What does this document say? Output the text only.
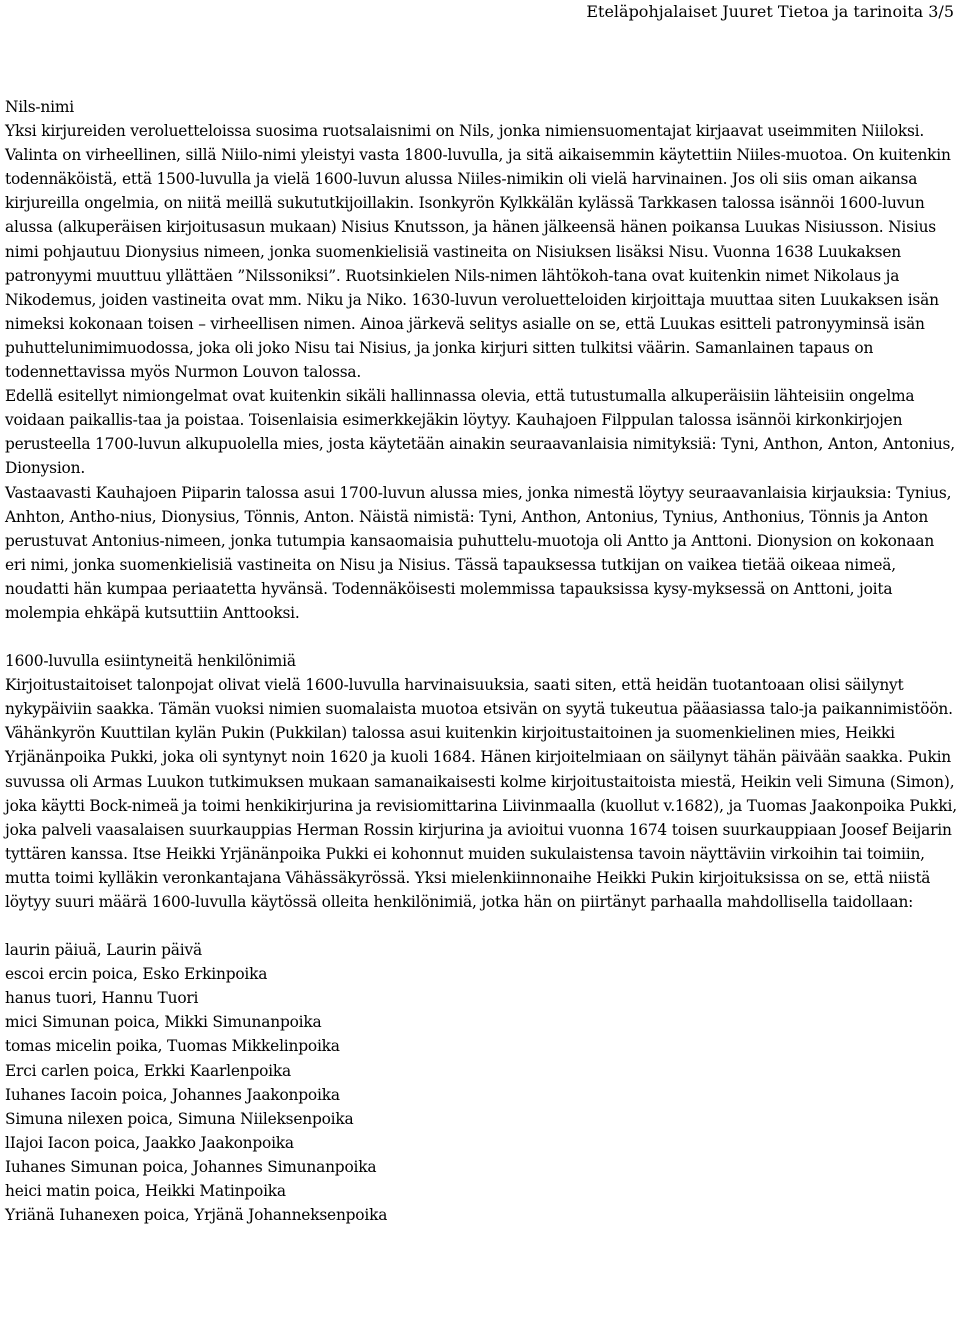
Eteläpohjalaiset Juuret Tietoa ja tarinoita 3/5

Nils-nimi

Yksi kirjureiden veroluetteloissa suosima ruotsalaisnimi on Nils, jonka nimiensuomentajat kirjaavat useimmiten Niiloksi. Valinta on virheellinen, sillä Niilo-nimi yleistyi vasta 1800-luvulla, ja sitä aikaisemmin käytettiin Niiles-muotoa. On kuitenkin todennäköistä, että 1500-luvulla ja vielä 1600-luvun alussa Niiles-nimikin oli vielä harvinainen. Jos oli siis oman aikansa kirjureilla ongelmia, on niitä meillä sukututkijoillakin. Isonkyrön Kylkkälän kylässä Tarkkasen talossa isännöi 1600-luvun alussa (alkuperäisen kirjoitusasun mukaan) Nisius Knutsson, ja hänen jälkeensä hänen poikansa Luukas Nisiusson. Nisius nimi pohjautuu Dionysius nimeen, jonka suomenkielisiä vastineita on Nisiuksen lisäksi Nisu. Vuonna 1638 Luukaksen patronyymi muuttuu yllättäen ”Nilssoniksi”. Ruotsinkielen Nils-nimen lähtökoh-tana ovat kuitenkin nimet Nikolaus ja Nikodemus, joiden vastineita ovat mm. Niku ja Niko. 1630-luvun veroluetteloiden kirjoittaja muuttaa siten Luukaksen isän nimeksi kokonaan toisen – virheellisen nimen. Ainoa järkevä selitys asialle on se, että Luukas esitteli patronyyminsä isän puhuttelunimimuodossa, joka oli joko Nisu tai Nisius, ja jonka kirjuri sitten tulkitsi väärin. Samanlainen tapaus on todennettavissa myös Nurmon Louvon talossa.

Edellä esitellyt nimiongelmat ovat kuitenkin sikäli hallinnassa olevia, että tutustumalla alkuperäisiin lähteisiin ongelma voidaan paikallis-taa ja poistaa. Toisenlaisia esimerkkejäkin löytyy. Kauhajoen Filppulan talossa isännöi kirkonkirjojen perusteella 1700-luvun alkupuolella mies, josta käytetään ainakin seuraavanlaisia nimityksiä: Tyni, Anthon, Anton, Antonius, Dionysion.

Vastaavasti Kauhajoen Piiparin talossa asui 1700-luvun alussa mies, jonka nimestä löytyy seuraavanlaisia kirjauksia: Tynius, Anhton, Antho-nius, Dionysius, Tönnis, Anton. Näistä nimistä: Tyni, Anthon, Antonius, Tynius, Anthonius, Tönnis ja Anton perustuvat Antonius-nimeen, jonka tutumpia kansaomaisia puhuttelu-muotoja oli Antto ja Anttoni. Dionysion on kokonaan eri nimi, jonka suomenkielisiä vastineita on Nisu ja Nisius. Tässä tapauksessa tutkijan on vaikea tietää oikeaa nimeä, noudatti hän kumpaa periaatetta hyvänsä. Todennäköisesti molemmissa tapauksissa kysy-myksessä on Anttoni, joita molempia ehkäpä kutsuttiin Anttooksi.

1600-luvulla esiintyneitä henkilönimiä

Kirjoitustaitoiset talonpojat olivat vielä 1600-luvulla harvinaisuuksia, saati siten, että heidän tuotantoaan olisi säilynyt nykypäiviin saakka. Tämän vuoksi nimien suomalaista muotoa etsivän on syytä tukeutua pääasiassa talo-ja paikannimistöön. Vähänkyrön Kuuttilan kylän Pukin (Pukkilan) talossa asui kuitenkin kirjoitustaitoinen ja suomenkielinen mies, Heikki Yrjänänpoika Pukki, joka oli syntynyt noin 1620 ja kuoli 1684. Hänen kirjoitelmiaan on säilynyt tähän päivään saakka. Pukin suvussa oli Armas Luukon tutkimuksen mukaan samanaikaisesti kolme kirjoitustaitoista miestä, Heikin veli Simuna (Simon), joka käytti Bock-nimeä ja toimi henkikirjurina ja revisiomittarina Liivinmaalla (kuollut v.1682), ja Tuomas Jaakonpoika Pukki, joka palveli vaasalaisen suurkauppias Herman Rossin kirjurina ja avioitui vuonna 1674 toisen suurkauppiaan Joosef Beijarin tyttären kanssa. Itse Heikki Yrjänänpoika Pukki ei kohonnut muiden sukulaistensa tavoin näyttäviin virkoihin tai toimiin, mutta toimi kylläkin veronkantajana Vähässäkyrössä. Yksi mielenkiinnonaihe Heikki Pukin kirjoituksissa on se, että niistä löytyy suuri määrä 1600-luvulla käytössä olleita henkilönimiä, jotka hän on piirtänyt parhaalla mahdollisella taidollaan:

laurin päiuä, Laurin päivä

escoi ercin poica, Esko Erkinpoika

hanus tuori, Hannu Tuori

mici Simunan poica, Mikki Simunanpoika

tomas micelin poika, Tuomas Mikkelinpoika

Erci carlen poica, Erkki Kaarlenpoika

Iuhanes Iacoin poica, Johannes Jaakonpoika

Simuna nilexen poica, Simuna Niileksenpoika

lIajoi Iacon poica, Jaakko Jaakonpoika

Iuhanes Simunan poica, Johannes Simunanpoika

heici matin poica, Heikki Matinpoika

Yriänä Iuhanexen poica, Yrjänä Johanneksenpoika
